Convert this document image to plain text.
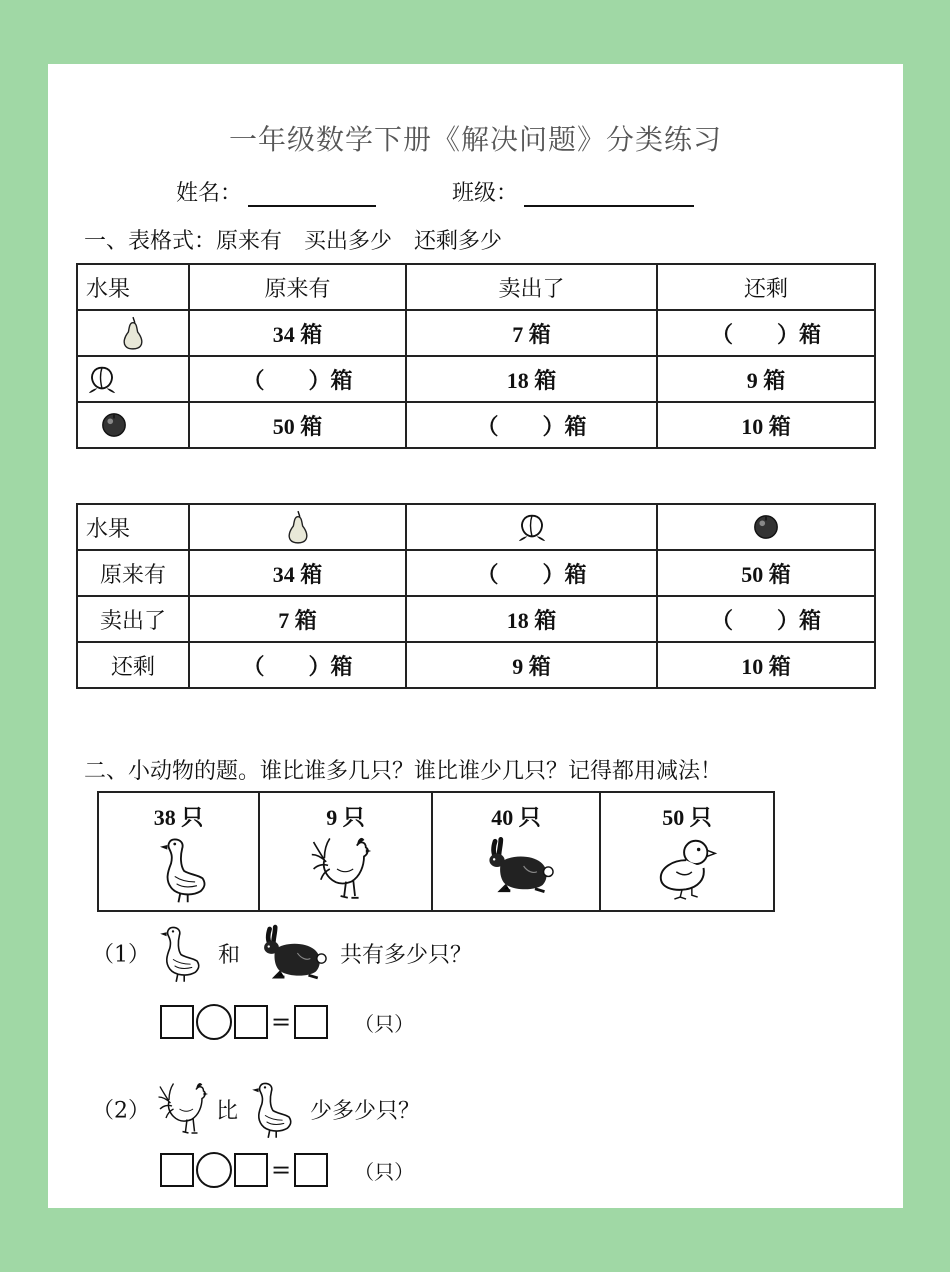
一年级数学下册《解决问题》分类练习
姓名：	班级：
一、表格式：原来有　买出多少　还剩多少
水果	原来有	卖出了	还剩
	34 箱	7 箱	（　　）箱
	（　　）箱	18 箱	9 箱
	50 箱	（　　）箱	10 箱
水果			
原来有	34 箱	（　　）箱	50 箱
卖出了	7 箱	18 箱	（　　）箱
还剩	（　　）箱	9 箱	10 箱
二、小动物的题。谁比谁多几只？谁比谁少几只？记得都用减法！
38 只	9 只	40 只	50 只
（1）	和	共有多少只？
=	（只）
（2）	比	少多少只？
=	（只）
